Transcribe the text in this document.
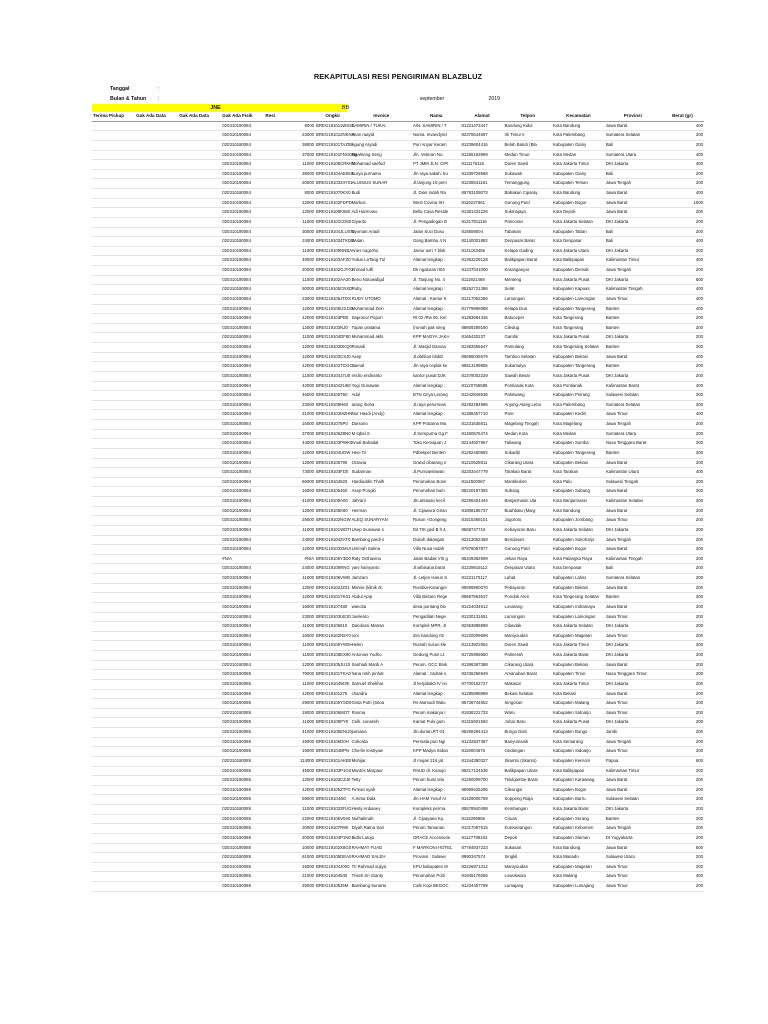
REKAPITULASI RESI PENGIRIMAN BLAZBLUZ
Tanggal	:
Bulan & Tahun :	september	2019
JNE	BB
Terima Pickup	Gak Ada Data	Gak Ada Data	Gak Ada Fisik	Resi	Ongkir	Invoice	Nama	Alamat	Telpon	Kecamatan	Provinsi	Berat (gr)
			020310190084	8000	BREG191011WSSL	SAMIRIN / TUKAI	A/N. SAMIRIN / T	81221473447	Bandung Kidul	Kota Bandung	Jawa Barat	400
			020310190084	23000	BREG191012NKNA	Iman raaytd	Nama. Invandyrid	82375544697	Ilir Timur II	Kota Palembang	Sumatera Selatan	200
			020310190084	38000	BREG19101TAZ5E	Agung Aryadi	Puri Anyar Keram	81239604416	Belah Batuh (Bla	Kabupaten Giany	Bali	200
			020310190084	37000	BREG19101FNGDNa	Ng Wieng Seng	Jln. Veteran No.	81265163999	Medan Timur	Kota Medan	Sumatera Utara	400
			020310190084	11000	BREG19105CRKHY	Mohamad saefud	PT JMM JLN. CIPI	8111176116	Duren Sawit	Kota Jakarta Timur	DKI Jakarta	400
			020310190084	38000	BREG19104AE55IL	Surya purnama	Jln raya sakah, bu	81339728588	Sukawati	Kabupaten Giany	Bali	200
			020310190084	20000	BREG1910334Y01	ALUISIUS SUNAR	Jl.tanjung 16 pem	81235541181	Temanggung	Kabupaten Teman	Jawa Tengah	200
			020310190084	8000	BREG191070KX0	Budi	Jl. Dian Indah Ra	85793109073	Babakan Ciparay	Kota Bandung	Jawa Barat	400
			020310190084	12000	BREG19102FDPD	Markus	West Covina SH	8119237661	Gunung Putri	Kabupaten Bogor	Jawa Barat	1000
			020310190084	12000	BREG19108K550	Adi Harmowo	Bella Casa Reside	81381431226	Sukmajaya	Kota Depok	Jawa Barat	200
			020310190084	11000	BREG19101CD50	Giyanto	Jl. Pengadegan B	81317811116	Pancoran	Kota Jakarta Selatan	DKI Jakarta	200
			020310190084	30000	BREG19104JLUSN	Nyoman Ariadi	Jalan Suci Dusu	818559004	Tabanan	Kabupaten Taban	Bali	200
			020310190084	24000	BREG191034TKDE	Wulan	Gang Bambu 4 N	82140001882	Denpasar Barat	Kota Denpasar	Bali	400
			020310190084	11000	BREG19109NNBA	Aries nugroho	Jainur asri 7 blok	8121163456	Kelapa Gading	Kota Jakarta Utara	DKI Jakarta	200
			020310190084	49000	BREG19103AFZ0	Yulius LaTang Tul	Alamat lengkap :	81363228128	Balikpapan Barat	Kota Balikpapan	Kalimantan Timur	400
			020310190084	20000	BREG19102GJY01	Ahmad lutfi	Dk ngaluran rt04	81247041000	Karanganyar	Kabupaten Demak	Jawa Tengah	200
			020310190084	11000	BREG19102AA20	Beno Notowidigd	Jl. Tanjung No. 4	8111921468	Menteng	Kota Jakarta Pusat	DKI Jakarta	600
			020310190084	50000	BREG19105CNXD	Ruby	Alamat lengkap :	85252721386	Selat	Kabupaten Kapuas	Kalimantan Tengah	400
			020310190084	23000	BREG19106JTDS	RUDY UTOMO	Alamat ; Kantor K	81217062266	Lamongan	Kabupaten Lamongan	Jawa Timur	400
			020310190084	12000	BREG19106USJ30	Muhammad Zein	Alamat lengkap :	81779999088	Kelapa Dua	Kabupaten Tangerang	Banten	400
			020310190084	12000	BREG19103PB0	Saprono/ Popon	Rt 02 /Rw 05. Kel	81283684345	Batuceper	Kota Tangerang	Banten	200
			020310190084	12000	BREG19103NJ0	Topan pratama	(rumah pak sireg	88809289190	Ciledug	Kota Tangerang	Banten	200
			020310190084	11000	BREG19104DF80	Muhammad akhi	KPP MADYA JAKA	8165420237	Gambir	Kota Jakarta Pusat	DKI Jakarta	200
			020310190084	12000	BREG19102DKQ0	Rosadi	Jl. Masjid Darusa	81382555647	Pamulang	Kota Tangerang Selatan	Banten	200
			020310190084	12000	BREG19103CSJ0	Asep	Jl.dahlia4 blokD	85695035679	Tambun Selatan	Kabupaten Bekasi	Jawa Barat	400
			020310190084	12000	BREG19102TGGO	Jaenal	Jln raya ceplak ke	85813199855	Sukamulya	Kabupaten Tangerang	Banten	200
			020310190084	11000	BREG19104J7U0	endro endrianto	kantor pusat DJK	81378002229	Sawah Besar	Kota Jakarta Pusat	DKI Jakarta	200
			020310190084	42000	BREG19104ZU60	Yogi Gunawan	Alamat lengkap :	81120765588	Pontianak Kota	Kota Pontianak	Kalimantan Barat	400
			020310190084	46000	BREG19105T50	Adol	BTN Griya Lerang	81242848636	Palotwang	Kabupaten Pinrang	Sulawesi Selatan	200
			020310190084	23000	BREG19109N60	arang ihoha	Jl.raya perumnas	82282284986	Anjung-Alang Lebu	Kota Palembang	Sumatera Selatan	200
			020310190084	21000	BREG19103M2HN	Nur Hasdi (Andy)	Alamat lengkap :	81388457710	Pare	Kabupaten Kediri	Jawa Timur	400
			020310190084	16000	BREG191075P0	Darsono	KPP Pratama Ma	81231636611	Magelang Tengah	Kota Magelang	Jawa Tengah	200
			020310190084	37000	BREG19106Z8N0	M Iqbal S	Jl.Sempurna Gg.F	81260576474	Medan Kota	Kota Medan	Sumatera Utara	200
			020310190084	44000	BREG19103PWK0	Amal Bahadal	Toko Kemajuan J	82144607967	Taliwang	Kabupaten Sumba	Nusa Tenggara Barat	200
			020310190084	12000	BREG19104UDW	Heni Tri	Pdbekpel Benten	81282460892	Sukadiri	Kabupaten Tangerang	Banten	200
			020310190084	12000	BREG19105790	Octavia	Grand cibarang n	81210528811	Cikarang Utara	Kabupaten Bekasi	Jawa Barat	200
			020310190084	73000	BREG19103FD0	Sudarman	Jl.Purnawirawan	82253447779	Tarakan Barat	Kota Tarakan	Kalimantan Utara	400
			020310190084	66000	BREG19104520	Hardiuddin Thalh	Perumahan Bone	8114500067	Mantikulore	Kota Palu	Sulawesi Tengah	200
			020310190084	16000	BREG19105460	Asep Pongki	Perumahan bum	85220197392	Subang	Kabupaten Subang	Jawa Barat	200
			020310190084	41000	BREG19108A00	Jahrani	Jln.antasan kecil	82255404444	Banjarmasin Uta	Kota Banjarmasin	Kalimantan Selatan	200
			020310190084	12000	BREG19106K80	Herman	Jl. Cijawura Giran	81808186737	Buahbatu (Marg	Kota Bandung	Jawa Barat	200
			020310190084	29000	BREG19102NGW	ALEQ SUNARYAN	Rusun +Dongeng	81515369101	Jogoroto	Kabupaten Jombang	Jawa Timur	200
			020310190084	11000	BREG19101WDTI	Usep munawar s	Dit TIK ged B lt 4,	8568747716	Kebayoran Baru	Kota Jakarta Selatan	DKI Jakarta	200
			020310190084	24000	BREG19104ZAT0	Bambang pardi s	Dukuh dalangan	82213062458	Bendosari	Kabupaten Sukoharjo	Jawa Tengah	200
			020310190084	12000	BREG19103SMUI	Ummah Salma	Villa Nusa Indah	87876087877	Gunung Putri	Kabupaten Bogor	Jawa Barat	200
			#N/A	#N/A	BREG19106Y3D0	Raty Octhavina	Jalan Badak VIII g	85349382999	Jekan Raya	Kota Palangka Raya	Kalimantan Tengah	200
			020310190084	24000	BREG19106RNG	yani hamyanto	Jl.wibisana barat	81229919112	Denpasar Utara	Kota Denpasar	Bali	200
			020310190084	11000	BREG19106VWB	Jamzam	Jl. Letjen Harun S	81221170117	Lahat	Kabupaten Lahat	Sumatera Selatan	200
			020310190084	12000	BREG19102JZ01	Marnie (klinik dr.	Rumbia-Karangre	85699960070	Pebayuran	Kabupaten Bekasi	Jawa Barat	200
			020310190084	12000	BREG19101TK01	Abdul Apip	Villa Bintaro Rege	85697563537	Pondok Aren	Kota Tangerang Selatan	Banten	200
			020310190084	16000	BREG19107480	wancita	desa puntang blo	81224034612	Losarang	Kabupaten Indramayu	Jawa Barat	200
			020310190084	23000	BREG19103UE30	Joeliento	Pengadilan Nege	81230131651	Lamongan	Kabupaten Lamongan	Jawa Timur	200
			020310190084	11000	BREG19106610	Dandossi Matran	Komplek MPR, JI	82363888898	Cilandak	Kota Jakarta Selatan	DKI Jakarta	200
			020310190084	16000	BREG19102N5Y0	roni	dsn bandung rt2	81220009698	Maniyoudan	Kabupaten Magetan	Jawa Timur	200
			020310190084	11000	BREG19106YW5H	Helen	Rumah susun kle	81213922952	Duren Sawit	Kota Jakarta Timur	DKI Jakarta	200
			020310190084	11000	BREG19106EX90	Antonius Yudho	Gedung Pusri Lt.	81726965650	Palmerah	Kota Jakarta Barat	DKI Jakarta	200
			020310190084	12000	BREG19105JU10	Sanhadi Mardi A	Perum. GCC Blok	81386387388	Cikarang Utara	Kabupaten Bekasi	Jawa Barat	200
			020310190085	79000	BREG19101TKA0	hana retih pinhat	Alamat : zadrak s	82236256949	Amanuban Barat	Kabupaten Timor	Nusa Tenggara Timur	200
			020310190085	11000	BREG19104W3K	Samuel Shekhar	Jl kerjabakti IV no	87700152727	Makasar	Kota Jakarta Timur	DKI Jakarta	200
			020310190085	12000	BREG19101275	chandra	Alamat lengkap :	81295999998	Bekasi Selatan	Kota Bekasi	Jawa Barat	200
			020310190085	29000	BREG19105YSD0	Gista Putri (Sitoa	Rs Marsudi Walu	85736744652	Singosari	Kabupaten Malang	Jawa Timur	200
			020310190085	19000	BREG19106MOT	Rosma	Perum makarya l	81938221733	Waru	Kabupaten Sidoarjo	Jawa Timur	200
			020310190085	11000	BREG19109PY0	Celk. sunarsih	Kamat Pulo gum	81315601592	Johar Baru	Kota Jakarta Pusat	DKI Jakarta	200
			020310190085	41000	BREG19105ENU0	jumiana	Jln.durian,RT 04,	85266294413	Bungo Dani	Kabupaten Bungo	Jambi	200
			020310190085	19000	BREG19106D0H	Cokorda	Permata puri Ngi	81232837387	Banyumanik	Kota Semarang	Jawa Tengah	200
			020310190085	19000	BREG19104BPN	Cherlin kristiyaw	KPP Madya Sidoa	8119004676	Gedangan	Kabupaten Sidoarjo	Jawa Timur	200
			020310190085	114000	BREG19101AKB0	Muhijar	Jl mujair 216 jat	81344390327	Skamto (Skanto)	Kabupaten Keerom	Papua	600
			020310190085	45000	BREG19103P1G0	Mantris Marpaur	RSUD dr. Kanujo	85217124536	Balikpapan Utara	Kota Balikpapan	Kalimantan Timur	200
			020310190085	12000	BREG19103CZJ0	Tetty	Perum bumi telu	81250009700	Telukjambe Barat	Kabupaten Karawang	Jawa Barat	200
			020310190085	12000	BREG19105ZTF0	Firman syah	Alamat lengkap :	85959425295	Cileungsi	Kabupaten Bogor	Jawa Barat	200
			020310190085	59000	BREG19104i50	A.Sima Dala	Jln.HAM Yusuf Ar	81429005789	Soppeng Riaja	Kabupaten Barru	Sulawesi Selatan	200
			020310190085	11000	BREG191033FUG	Hesty Ardianey	Kompleks perma	85578940498	Kembangan	Kota Jakarta Barat	DKI Jakarta	200
			020310190085	22000	BREG19106V040	Nurhalimah	Jl. Cipayaea Kp.	8115295956	Ciruas	Kabupaten Serang	Banten	200
			020310190085	20000	BREG19107R90	Diyah Ratna Sari	Perum.Tamanan	81317097515	Kutowinangun	Kabupaten Kebumen	Jawa Tengah	200
			020310190085	20000	BREG19104P1N0	Bidlo Lutojo	GRACE Accessorie	81127799163	Depok	Kabupaten Sleman	DI Yogyakarta	200
			020310190085	10000	BREG19102X8G0	RAHMAT FUAD	F MARKONI HOTEL	87784937223	Sukasari	Kota Bandung	Jawa Barat	500
			020310190085	61000	BREG19105DEA0	RAHMAD SALEH	Provinsi : Sulawe	8990347574	Singkil	Kota Manado	Sulawesi Utara	200
			020310190085	16000	BREG19104J000	Tri Rahmad sujiya	KPU kabupaten M	82226871312	Maniyoudan	Kabupaten Magetan	Jawa Timur	200
			020310190085	21000	BREG19104540	Trisek Sri Gianty	Perumahan Polri	81945176065	Lowokwaru	Kota Malang	Jawa Timur	400
			020310190085	25000	BREG19108J5M	Bambang Sunarto	Cafe Kopi BEGOC	81234457799	Lumajang	Kabupaten Lumajang	Jawa Timur	200
